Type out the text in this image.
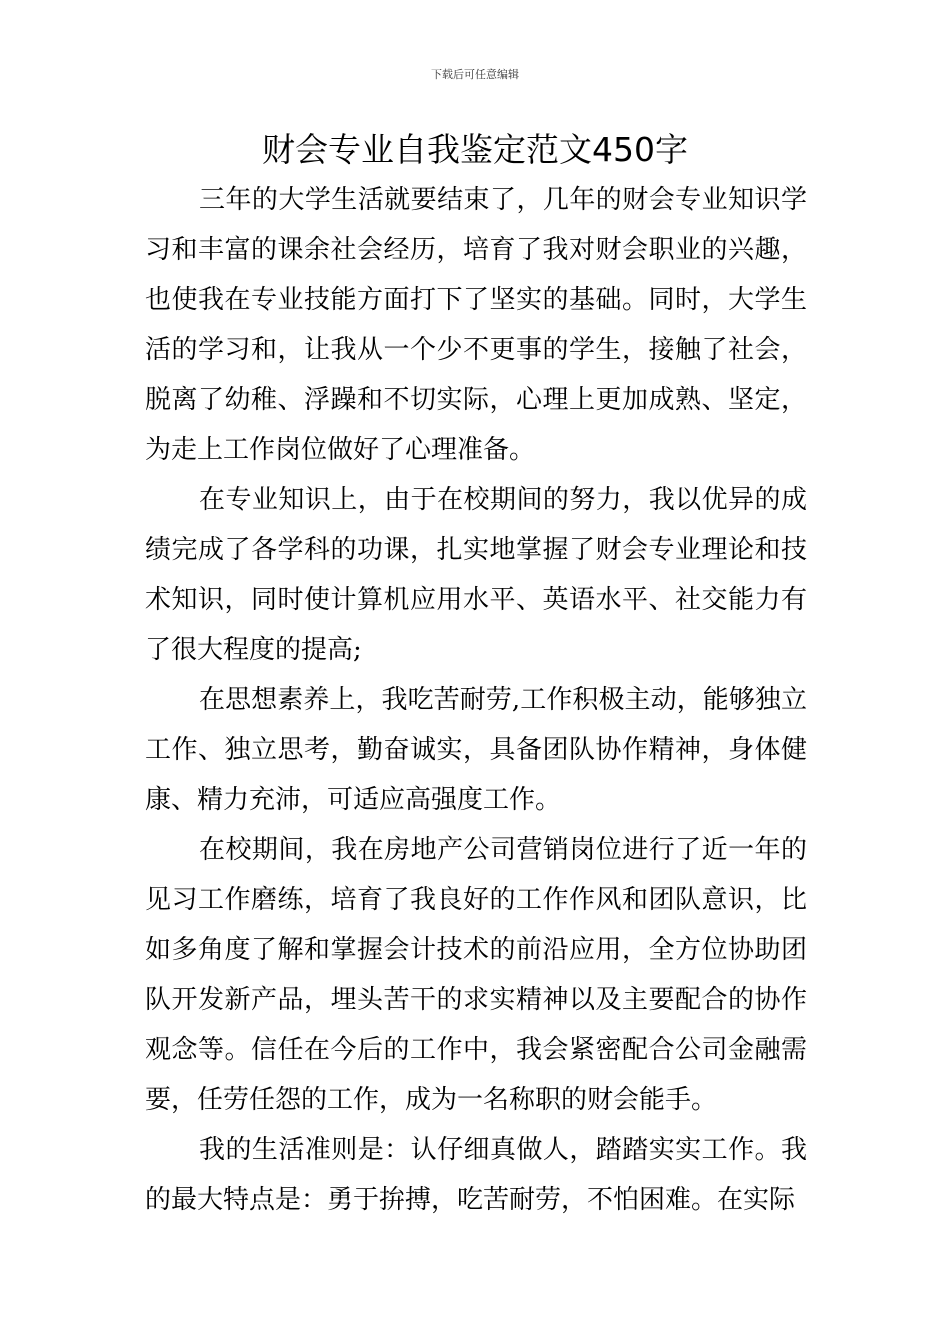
下载后可任意编辑
财会专业自我鉴定范文450字

三年的大学生活就要结束了，几年的财会专业知识学习和丰富的课余社会经历，培育了我对财会职业的兴趣，也使我在专业技能方面打下了坚实的基础。同时，大学生活的学习和，让我从一个少不更事的学生，接触了社会，脱离了幼稚、浮躁和不切实际，心理上更加成熟、坚定，为走上工作岗位做好了心理准备。

在专业知识上，由于在校期间的努力，我以优异的成绩完成了各学科的功课，扎实地掌握了财会专业理论和技术知识，同时使计算机应用水平、英语水平、社交能力有了很大程度的提高;

在思想素养上，我吃苦耐劳,工作积极主动，能够独立工作、独立思考，勤奋诚实，具备团队协作精神，身体健康、精力充沛，可适应高强度工作。

在校期间，我在房地产公司营销岗位进行了近一年的见习工作磨练，培育了我良好的工作作风和团队意识，比如多角度了解和掌握会计技术的前沿应用，全方位协助团队开发新产品，埋头苦干的求实精神以及主要配合的协作观念等。信任在今后的工作中，我会紧密配合公司金融需要，任劳任怨的工作，成为一名称职的财会能手。

我的生活准则是：认仔细真做人，踏踏实实工作。我的最大特点是：勇于拚搏，吃苦耐劳，不怕困难。在实际
